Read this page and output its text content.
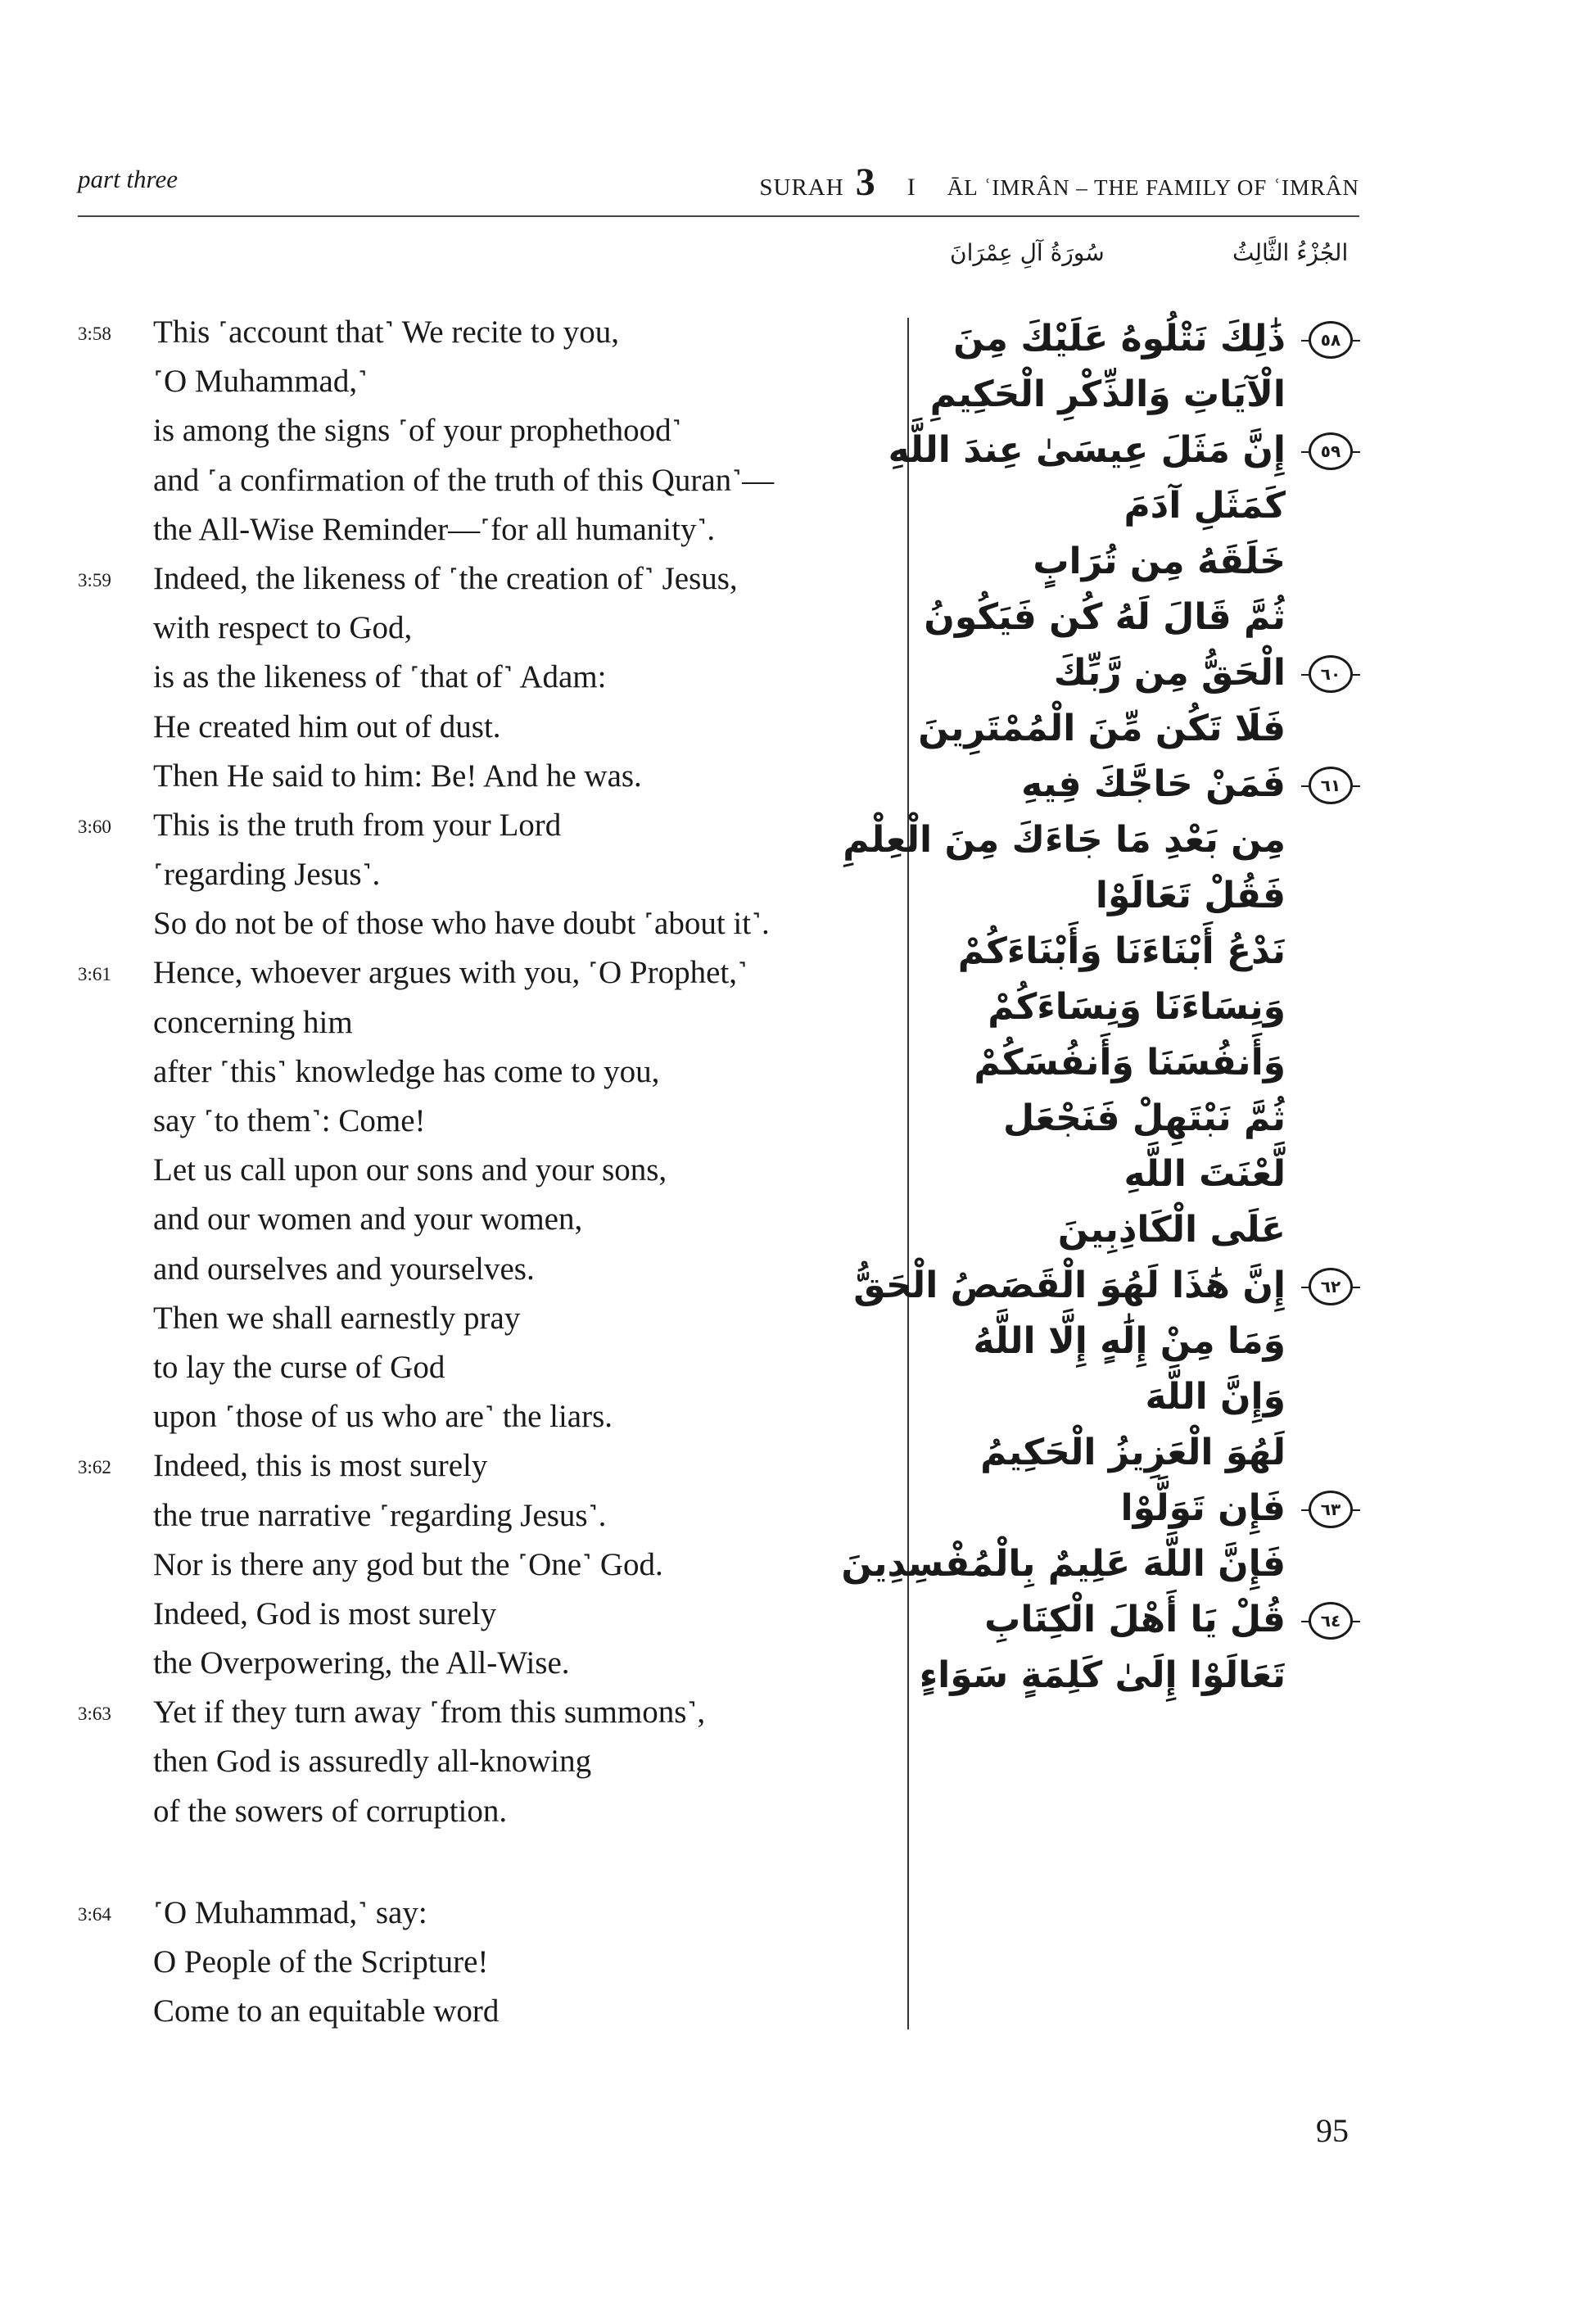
part three	SURAH 3 I ĀL ʿIMRÂN – THE FAMILY OF ʿIMRÂN
سُورَةُ آلِ عِمْرَانَ	الجُزْءُ الثَّالِثُ
3:58 This ˹account that˺ We recite to you,
˹O Muhammad,˺
is among the signs ˹of your prophethood˺
and ˹a confirmation of the truth of this Quran˺—
the All-Wise Reminder—˹for all humanity˺.
3:59 Indeed, the likeness of ˹the creation of˺ Jesus,
with respect to God,
is as the likeness of ˹that of˺ Adam:
He created him out of dust.
Then He said to him: Be! And he was.
3:60 This is the truth from your Lord
˹regarding Jesus˺.
So do not be of those who have doubt ˹about it˺.
3:61 Hence, whoever argues with you, ˹O Prophet,˺
concerning him
after ˹this˺ knowledge has come to you,
say ˹to them˺: Come!
Let us call upon our sons and your sons,
and our women and your women,
and ourselves and yourselves.
Then we shall earnestly pray
to lay the curse of God
upon ˹those of us who are˺ the liars.
3:62 Indeed, this is most surely
the true narrative ˹regarding Jesus˺.
Nor is there any god but the ˹One˺ God.
Indeed, God is most surely
the Overpowering, the All-Wise.
3:63 Yet if they turn away ˹from this summons˺,
then God is assuredly all-knowing
of the sowers of corruption.
3:64 ˹O Muhammad,˺ say:
O People of the Scripture!
Come to an equitable word
٥٨
ذَٰلِكَ نَتْلُوهُ عَلَيْكَ مِنَ
الْآيَاتِ وَالذِّكْرِ الْحَكِيمِ
٥٩
إِنَّ مَثَلَ عِيسَىٰ عِندَ اللَّهِ
كَمَثَلِ آدَمَ
خَلَقَهُ مِن تُرَابٍ
ثُمَّ قَالَ لَهُ كُن فَيَكُونُ
٦٠
الْحَقُّ مِن رَّبِّكَ
فَلَا تَكُن مِّنَ الْمُمْتَرِينَ
٦١
فَمَنْ حَاجَّكَ فِيهِ
مِن بَعْدِ مَا جَاءَكَ مِنَ الْعِلْمِ
فَقُلْ تَعَالَوْا
نَدْعُ أَبْنَاءَنَا وَأَبْنَاءَكُمْ
وَنِسَاءَنَا وَنِسَاءَكُمْ
وَأَنفُسَنَا وَأَنفُسَكُمْ
ثُمَّ نَبْتَهِلْ فَنَجْعَل
لَّعْنَتَ اللَّهِ
عَلَى الْكَاذِبِينَ
٦٢
إِنَّ هَٰذَا لَهُوَ الْقَصَصُ الْحَقُّ
وَمَا مِنْ إِلَٰهٍ إِلَّا اللَّهُ
وَإِنَّ اللَّهَ
لَهُوَ الْعَزِيزُ الْحَكِيمُ
٦٣
فَإِن تَوَلَّوْا
فَإِنَّ اللَّهَ عَلِيمٌ بِالْمُفْسِدِينَ
٦٤
قُلْ يَا أَهْلَ الْكِتَابِ
تَعَالَوْا إِلَىٰ كَلِمَةٍ سَوَاءٍ
95
